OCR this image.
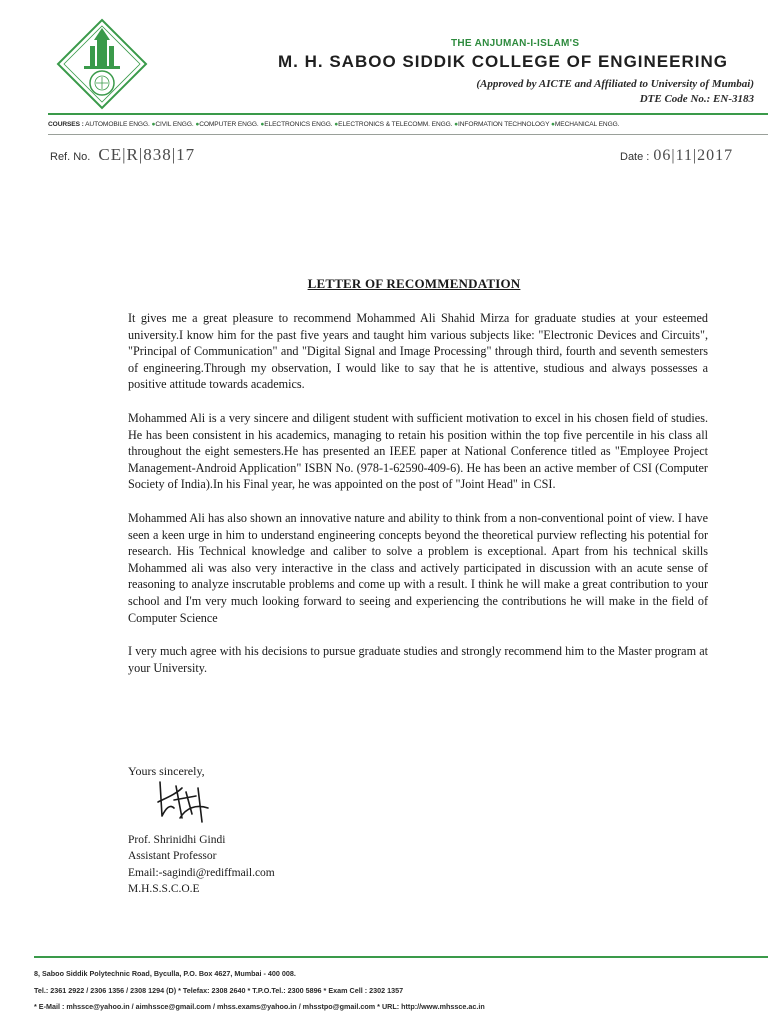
THE ANJUMAN-I-ISLAM'S
M. H. SABOO SIDDIK COLLEGE OF ENGINEERING
(Approved by AICTE and Affiliated to University of Mumbai)
DTE Code No.: EN-3183
COURSES : AUTOMOBILE ENGG. ●CIVIL ENGG. ●COMPUTER ENGG. ●ELECTRONICS ENGG. ●ELECTRONICS & TELECOMM. ENGG. ●INFORMATION TECHNOLOGY ●MECHANICAL ENGG.
Ref. No. CE|R|838|17	Date : 06|11|2017
LETTER OF RECOMMENDATION

It gives me a great pleasure to recommend Mohammed Ali Shahid Mirza for graduate studies at your esteemed university.I know him for the past five years and taught him various subjects like: "Electronic Devices and Circuits", "Principal of Communication" and "Digital Signal and Image Processing" through third, fourth and seventh semesters of engineering.Through my observation, I would like to say that he is attentive, studious and always possesses a positive attitude towards academics.

Mohammed Ali is a very sincere and diligent student with sufficient motivation to excel in his chosen field of studies. He has been consistent in his academics, managing to retain his position within the top five percentile in his class all throughout the eight semesters.He has presented an IEEE paper at National Conference titled as "Employee Project Management-Android Application" ISBN No. (978-1-62590-409-6). He has been an active member of CSI (Computer Society of India).In his Final year, he was appointed on the post of "Joint Head" in CSI.

Mohammed Ali has also shown an innovative nature and ability to think from a non-conventional point of view. I have seen a keen urge in him to understand engineering concepts beyond the theoretical purview reflecting his potential for research. His Technical knowledge and caliber to solve a problem is exceptional. Apart from his technical skills Mohammed ali was also very interactive in the class and actively participated in discussion with an acute sense of reasoning to analyze inscrutable problems and come up with a result. I think he will make a great contribution to your school and I'm very much looking forward to seeing and experiencing the contributions he will make in the field of Computer Science

I very much agree with his decisions to pursue graduate studies and strongly recommend him to the Master program at your University.

Yours sincerely,
Prof. Shrinidhi Gindi
Assistant Professor
Email:-sagindi@rediffmail.com
M.H.S.S.C.O.E
8, Saboo Siddik Polytechnic Road, Byculla, P.O. Box 4627, Mumbai - 400 008.
Tel.: 2361 2922 / 2306 1356 / 2308 1294 (D) * Telefax: 2308 2640 * T.P.O.Tel.: 2300 5896 * Exam Cell : 2302 1357
* E-Mail : mhssce@yahoo.in / aimhssce@gmail.com / mhss.exams@yahoo.in / mhsstpo@gmail.com * URL: http://www.mhssce.ac.in
